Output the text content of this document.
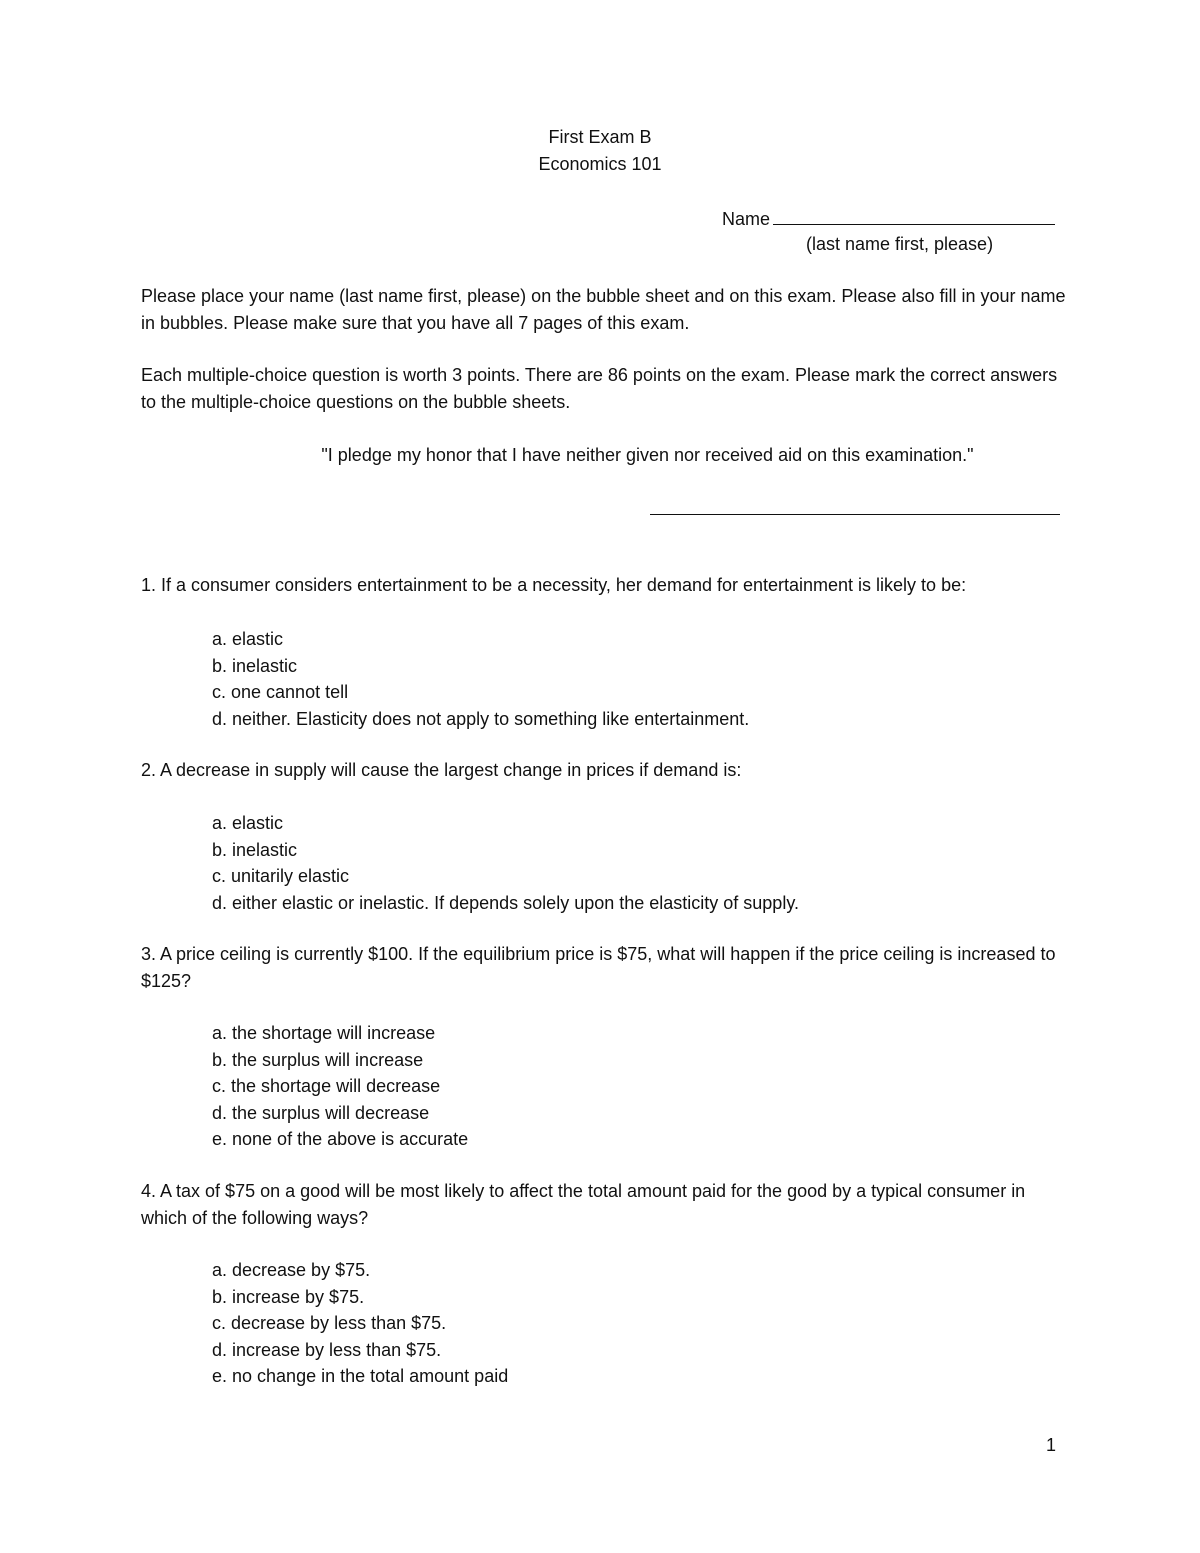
First Exam B
Economics 101
Name
(last name first, please)

Please place your name (last name first, please) on the bubble sheet and on this exam. Please also fill in your name in bubbles. Please make sure that you have all 7 pages of this exam.

Each multiple-choice question is worth 3 points. There are 86 points on the exam. Please mark the correct answers to the multiple-choice questions on the bubble sheets.

"I pledge my honor that I have neither given nor received aid on this examination."

1. If a consumer considers entertainment to be a necessity, her demand for entertainment is likely to be:

a. elastic
b. inelastic
c. one cannot tell
d. neither. Elasticity does not apply to something like entertainment.

2. A decrease in supply will cause the largest change in prices if demand is:

a. elastic
b. inelastic
c. unitarily elastic
d. either elastic or inelastic. If depends solely upon the elasticity of supply.

3. A price ceiling is currently $100. If the equilibrium price is $75, what will happen if the price ceiling is increased to $125?

a. the shortage will increase
b. the surplus will increase
c. the shortage will decrease
d. the surplus will decrease
e. none of the above is accurate

4. A tax of $75 on a good will be most likely to affect the total amount paid for the good by a typical consumer in which of the following ways?

a. decrease by $75.
b. increase by $75.
c. decrease by less than $75.
d. increase by less than $75.
e. no change in the total amount paid
1
